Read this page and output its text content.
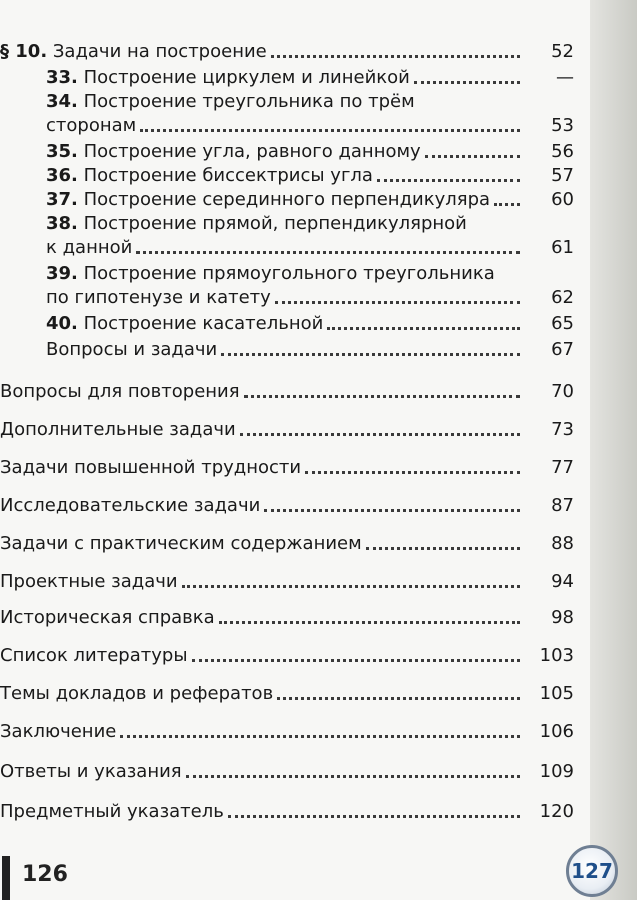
§ 10. Задачи на построение	52
33. Построение циркулем и линейкой	—
34. Построение треугольника по трём
сторонам	53
35. Построение угла, равного данному	56
36. Построение биссектрисы угла	57
37. Построение серединного перпендикуляра	60
38. Построение прямой, перпендикулярной
к данной	61
39. Построение прямоугольного треугольника
по гипотенузе и катету	62
40. Построение касательной	65
Вопросы и задачи	67
Вопросы для повторения	70
Дополнительные задачи	73
Задачи повышенной трудности	77
Исследовательские задачи	87
Задачи с практическим содержанием	88
Проектные задачи	94
Историческая справка	98
Список литературы	103
Темы докладов и рефератов	105
Заключение	106
Ответы и указания	109
Предметный указатель	120
126	127
